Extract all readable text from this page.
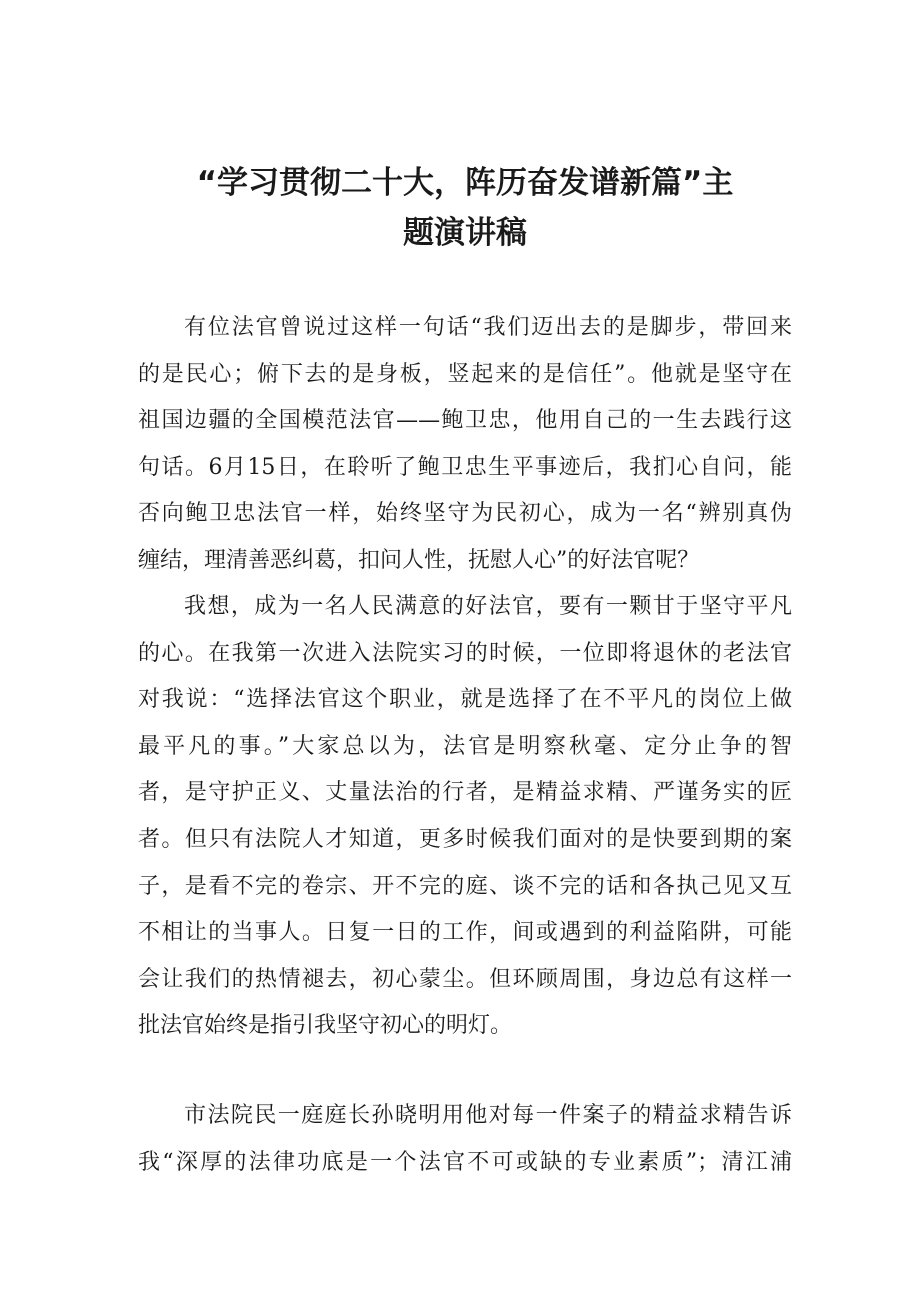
“学习贯彻二十大，阵历奋发谱新篇”主
题演讲稿
有位法官曾说过这样一句话“我们迈出去的是脚步，带回来
的是民心；俯下去的是身板，竖起来的是信任”。他就是坚守在
祖国边疆的全国模范法官——鲍卫忠，他用自己的一生去践行这
句话。6月15日，在聆听了鲍卫忠生平事迹后，我扪心自问，能
否向鲍卫忠法官一样，始终坚守为民初心，成为一名“辨别真伪
缠结，理清善恶纠葛，扣问人性，抚慰人心”的好法官呢？
我想，成为一名人民满意的好法官，要有一颗甘于坚守平凡
的心。在我第一次进入法院实习的时候，一位即将退休的老法官
对我说：“选择法官这个职业，就是选择了在不平凡的岗位上做
最平凡的事。”大家总以为，法官是明察秋毫、定分止争的智
者，是守护正义、丈量法治的行者，是精益求精、严谨务实的匠
者。但只有法院人才知道，更多时候我们面对的是快要到期的案
子，是看不完的卷宗、开不完的庭、谈不完的话和各执己见又互
不相让的当事人。日复一日的工作，间或遇到的利益陷阱，可能
会让我们的热情褪去，初心蒙尘。但环顾周围，身边总有这样一
批法官始终是指引我坚守初心的明灯。
市法院民一庭庭长孙晓明用他对每一件案子的精益求精告诉
我“深厚的法律功底是一个法官不可或缺的专业素质”；清江浦
